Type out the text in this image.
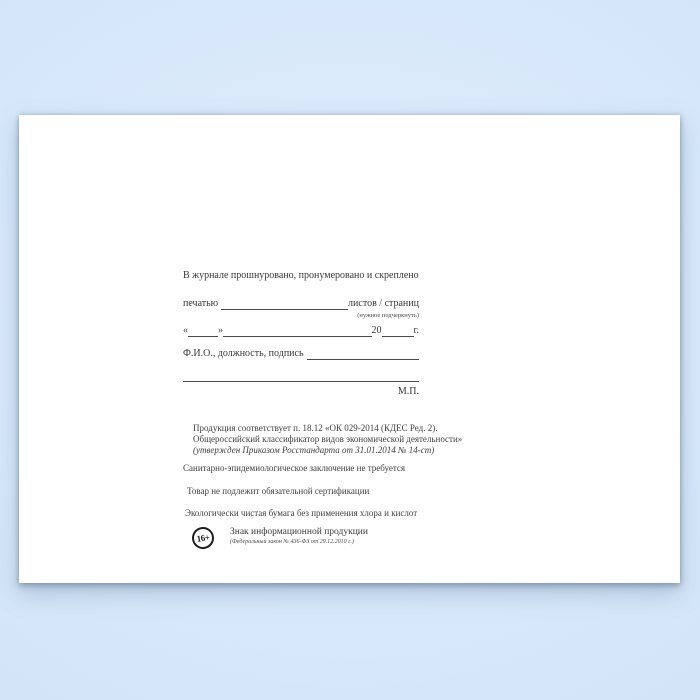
В журнале прошнуровано, пронумеровано и скреплено
печатью	листов / страниц
(нужное подчеркнуть)
«	»	20	г.
Ф.И.О., должность, подпись
М.П.
Продукция соответствует п. 18.12 «ОК 029-2014 (КДЕС Ред. 2).
Общероссийский классификатор видов экономической деятельности»
(утвержден Приказом Росстандарта от 31.01.2014 № 14-ст)
Санитарно-эпидемиологическое заключение не требуется
Товар не подлежит обязательной сертификации
Экологически чистая бумага без применения хлора и кислот
16+
Знак информационной продукции
(Федеральный закон № 436-ФЗ от 29.12.2010 г.)
